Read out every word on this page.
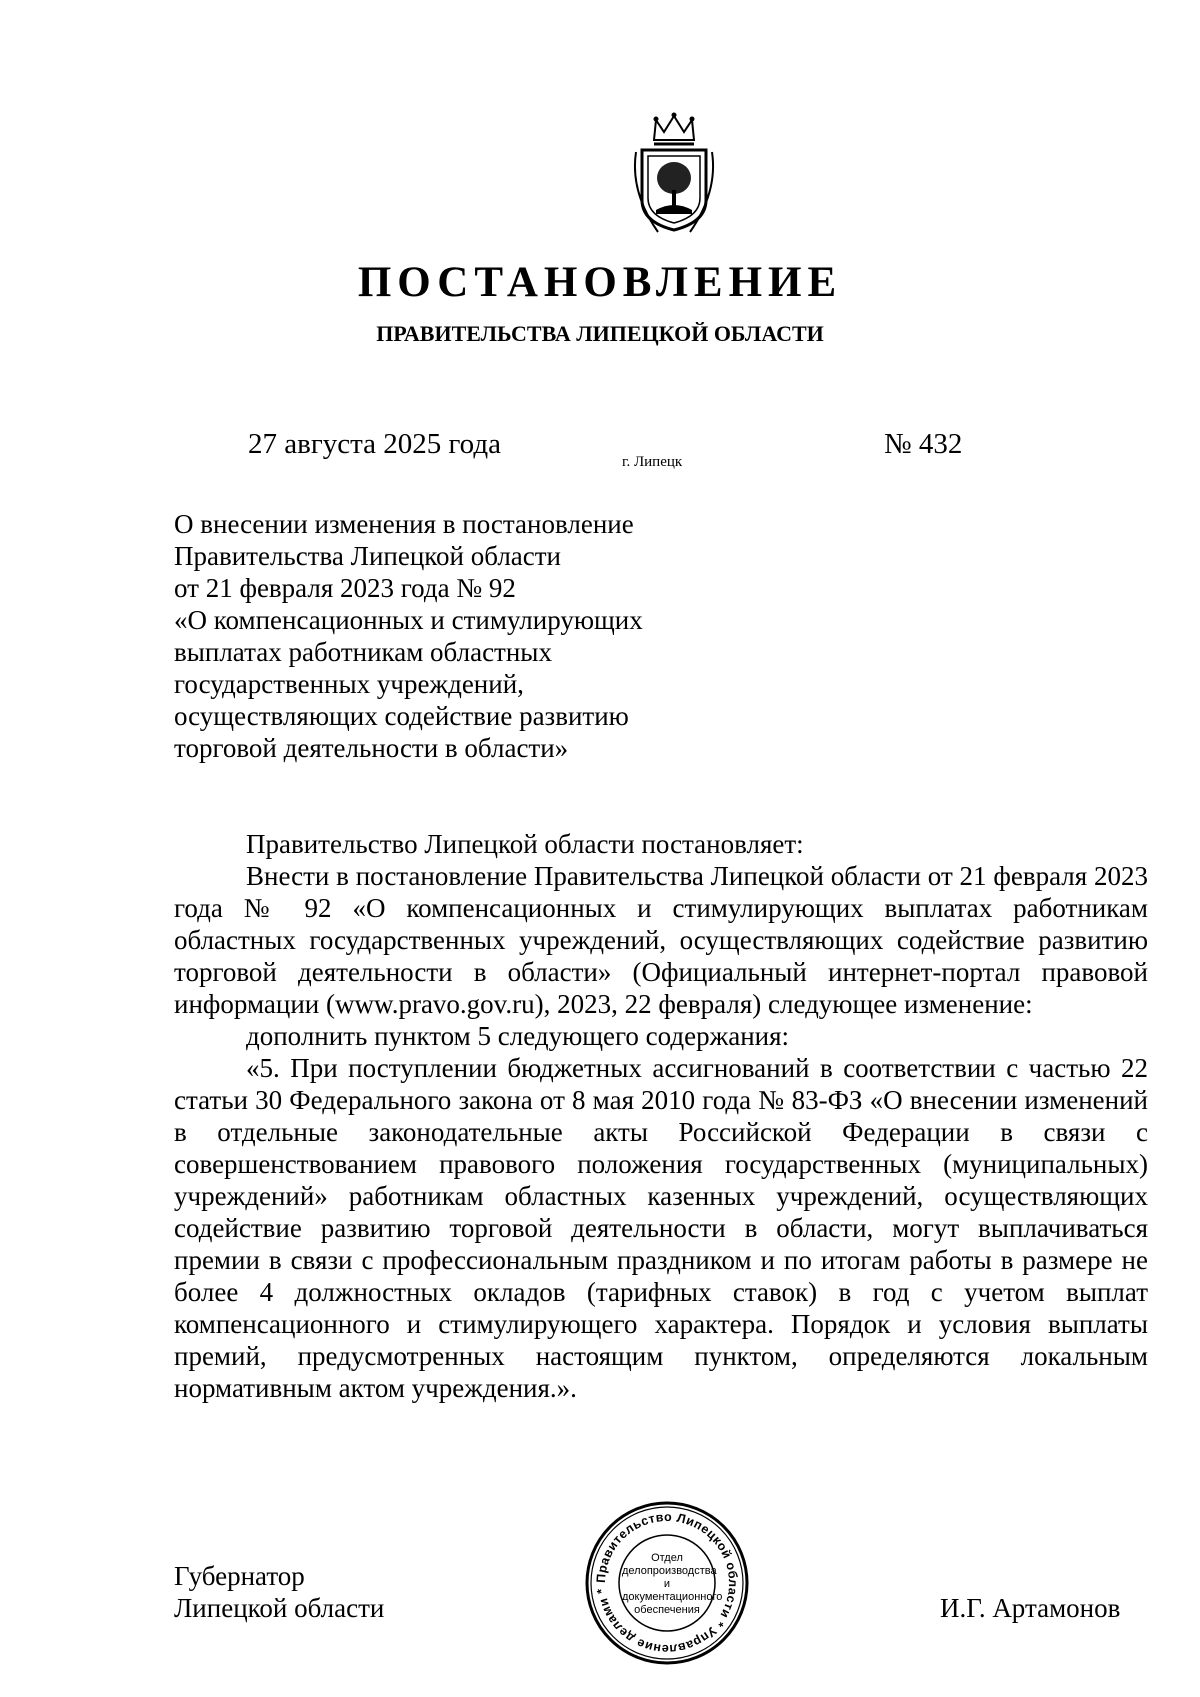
ПОСТАНОВЛЕНИЕ
ПРАВИТЕЛЬСТВА ЛИПЕЦКОЙ ОБЛАСТИ
27 августа 2025 года
г. Липецк
№ 432
О внесении изменения в постановление
Правительства Липецкой области
от 21 февраля 2023 года № 92
«О компенсационных и стимулирующих
выплатах работникам областных
государственных учреждений,
осуществляющих содействие развитию
торговой деятельности в области»

Правительство Липецкой области постановляет:

Внести в постановление Правительства Липецкой области от 21 февраля 2023 года № 92 «О компенсационных и стимулирующих выплатах работникам областных государственных учреждений, осуществляющих содействие развитию торговой деятельности в области» (Официальный интернет-портал правовой информации (www.pravo.gov.ru), 2023, 22 февраля) следующее изменение:

дополнить пунктом 5 следующего содержания:

«5. При поступлении бюджетных ассигнований в соответствии с частью 22 статьи 30 Федерального закона от 8 мая 2010 года № 83-ФЗ «О внесении изменений в отдельные законодательные акты Российской Федерации в связи с совершенствованием правового положения государственных (муниципальных) учреждений» работникам областных казенных учреждений, осуществляющих содействие развитию торговой деятельности в области, могут выплачиваться премии в связи с профессиональным праздником и по итогам работы в размере не более 4 должностных окладов (тарифных ставок) в год с учетом выплат компенсационного и стимулирующего характера. Порядок и условия выплаты премий, предусмотренных настоящим пунктом, определяются локальным нормативным актом учреждения.».

Губернатор
Липецкой области
Правительство Липецкой области * Управление делами *
Отдел
делопроизводства и
документационного
обеспечения	И.Г. Артамонов
